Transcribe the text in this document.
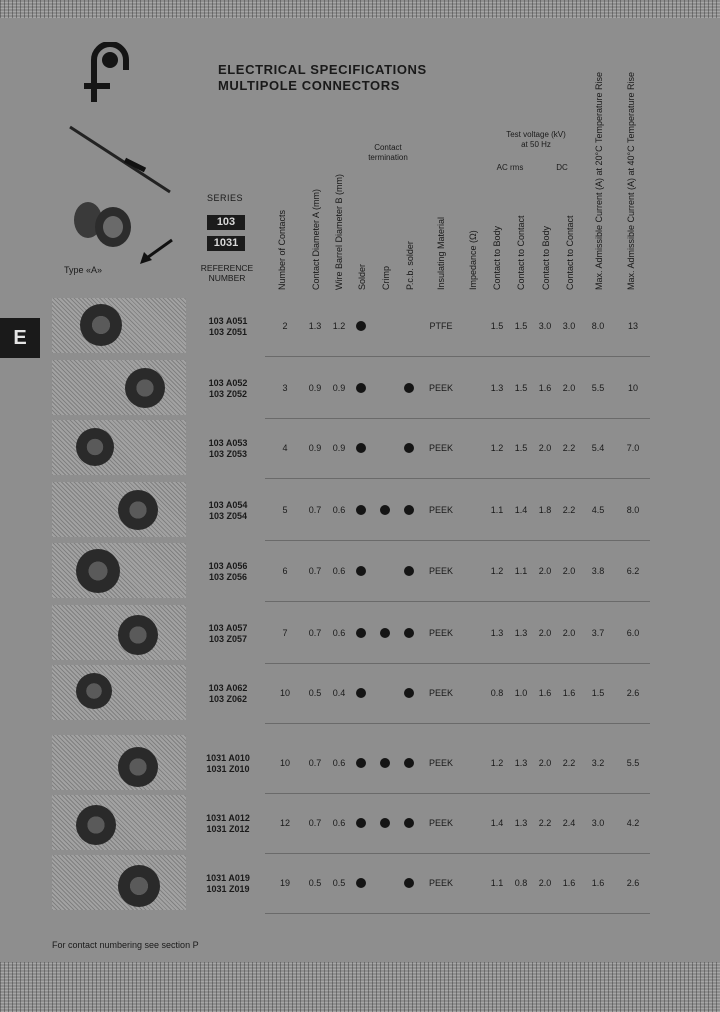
ELECTRICAL SPECIFICATIONS
MULTIPOLE CONNECTORS
Type «A»
SERIES
103
1031
REFERENCE
NUMBER
E
Contact
termination
Test voltage (kV)
at 50 Hz
AC rms	DC
Number of Contacts	Contact Diameter A (mm) Wire Barrel Diameter B (mm) Solder Crimp P.c.b. solder Insulating Material Impedance (Ω) Contact to Body Contact to Contact Contact to Body Contact to Contact Max. Admissible Current (A) at 20°C Temperature Rise Max. Admissible Current (A) at 40°C Temperature Rise
103 A051
103 Z051
2	1.3	1.2	PTFE	1.5	1.5	3.0	3.0	8.0	13
103 A052
103 Z052
3	0.9	0.9	PEEK	1.3	1.5	1.6	2.0	5.5	10
103 A053
103 Z053
4	0.9	0.9	PEEK	1.2	1.5	2.0	2.2	5.4	7.0
103 A054
103 Z054
5	0.7	0.6	PEEK	1.1	1.4	1.8	2.2	4.5	8.0
103 A056
103 Z056
6	0.7	0.6	PEEK	1.2	1.1	2.0	2.0	3.8	6.2
103 A057
103 Z057
7	0.7	0.6	PEEK	1.3	1.3	2.0	2.0	3.7	6.0
103 A062
103 Z062
10	0.5	0.4	PEEK	0.8	1.0	1.6	1.6	1.5	2.6
1031 A010
1031 Z010
10	0.7	0.6	PEEK	1.2	1.3	2.0	2.2	3.2	5.5
1031 A012
1031 Z012
12	0.7	0.6	PEEK	1.4	1.3	2.2	2.4	3.0	4.2
1031 A019
1031 Z019
19	0.5	0.5	PEEK	1.1	0.8	2.0	1.6	1.6	2.6
For contact numbering see section P
